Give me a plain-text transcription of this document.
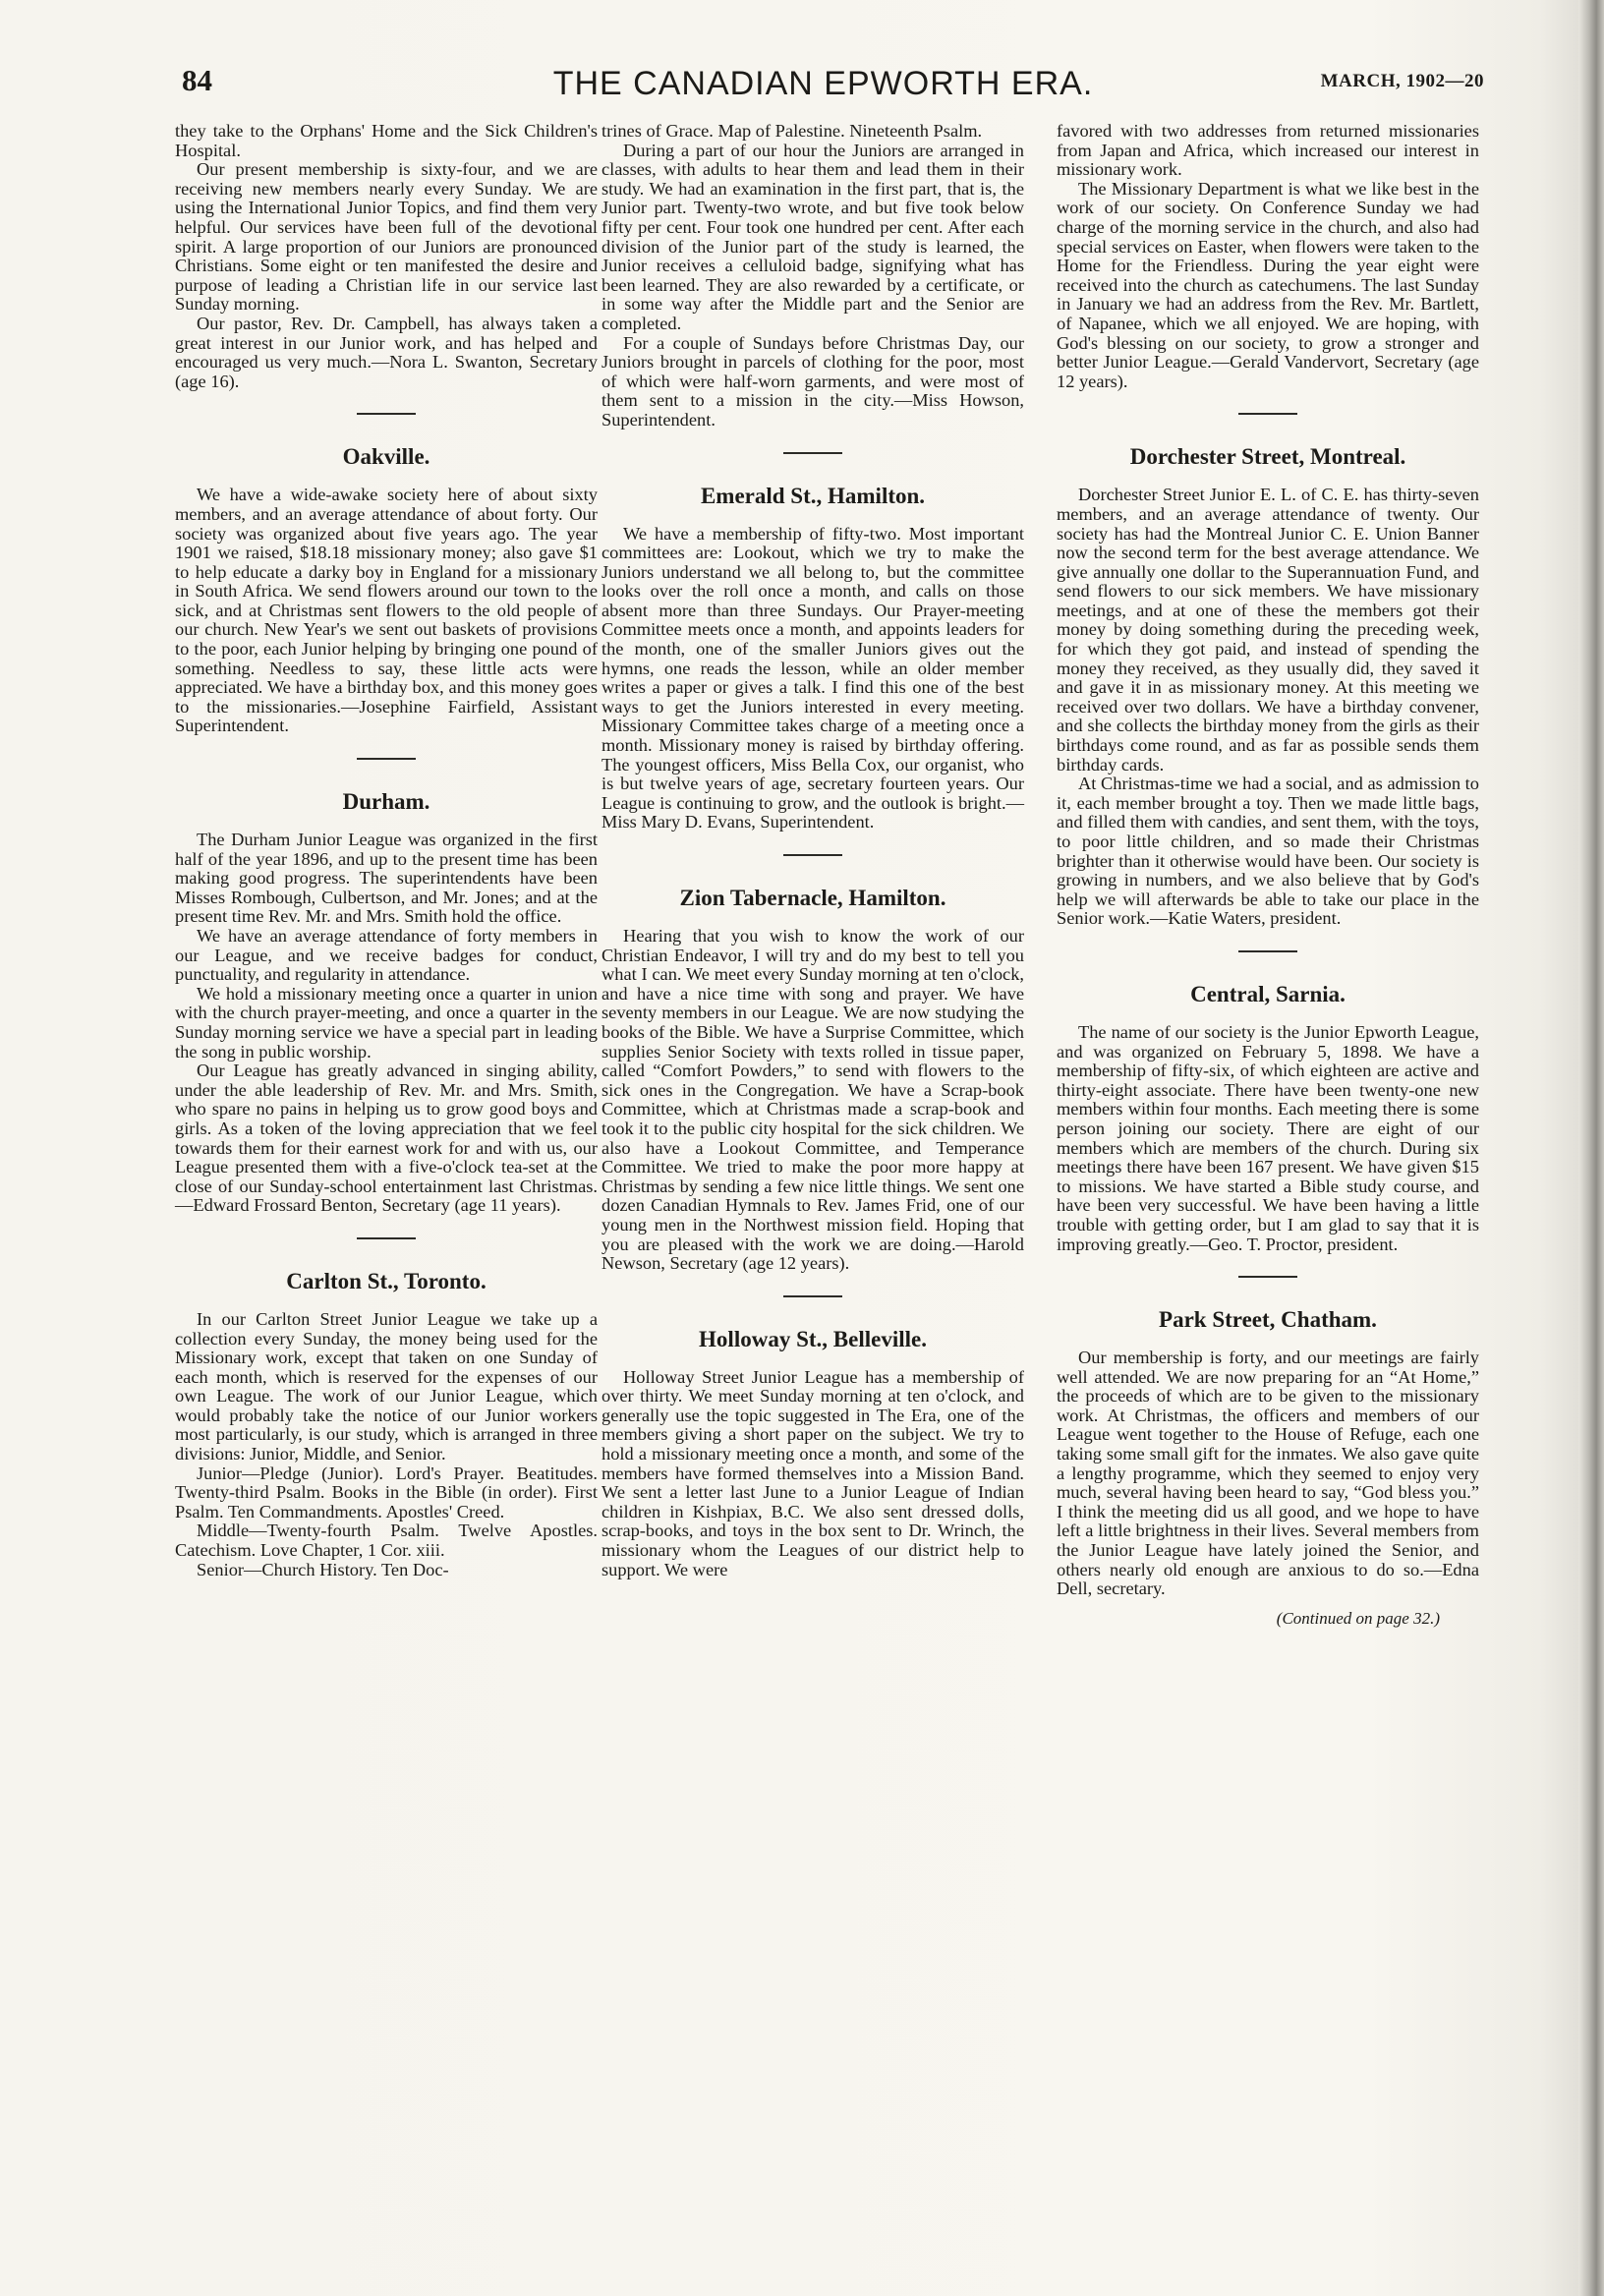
84	THE CANADIAN EPWORTH ERA.	MARCH, 1902—20

they take to the Orphans' Home and the Sick Children's Hospital.

Our present membership is sixty-four, and we are receiving new members nearly every Sunday. We are using the International Junior Topics, and find them very helpful. Our services have been full of the devotional spirit. A large proportion of our Juniors are pronounced Christians. Some eight or ten manifested the desire and purpose of leading a Christian life in our service last Sunday morning.

Our pastor, Rev. Dr. Campbell, has always taken a great interest in our Junior work, and has helped and encouraged us very much.—Nora L. Swanton, Secretary (age 16).

Oakville.

We have a wide-awake society here of about sixty members, and an average attendance of about forty. Our society was organized about five years ago. The year 1901 we raised, $18.18 missionary money; also gave $1 to help educate a darky boy in England for a missionary in South Africa. We send flowers around our town to the sick, and at Christmas sent flowers to the old people of our church. New Year's we sent out baskets of provisions to the poor, each Junior helping by bringing one pound of something. Needless to say, these little acts were appreciated. We have a birthday box, and this money goes to the missionaries.—Josephine Fairfield, Assistant Superintendent.

Durham.

The Durham Junior League was organized in the first half of the year 1896, and up to the present time has been making good progress. The superintendents have been Misses Rombough, Culbertson, and Mr. Jones; and at the present time Rev. Mr. and Mrs. Smith hold the office.

We have an average attendance of forty members in our League, and we receive badges for conduct, punctuality, and regularity in attendance.

We hold a missionary meeting once a quarter in union with the church prayer-meeting, and once a quarter in the Sunday morning service we have a special part in leading the song in public worship.

Our League has greatly advanced in singing ability, under the able leadership of Rev. Mr. and Mrs. Smith, who spare no pains in helping us to grow good boys and girls. As a token of the loving appreciation that we feel towards them for their earnest work for and with us, our League presented them with a five-o'clock tea-set at the close of our Sunday-school entertainment last Christmas.—Edward Frossard Benton, Secretary (age 11 years).

Carlton St., Toronto.

In our Carlton Street Junior League we take up a collection every Sunday, the money being used for the Missionary work, except that taken on one Sunday of each month, which is reserved for the expenses of our own League. The work of our Junior League, which would probably take the notice of our Junior workers most particularly, is our study, which is arranged in three divisions: Junior, Middle, and Senior.

Junior—Pledge (Junior). Lord's Prayer. Beatitudes. Twenty-third Psalm. Books in the Bible (in order). First Psalm. Ten Commandments. Apostles' Creed.

Middle—Twenty-fourth Psalm. Twelve Apostles. Catechism. Love Chapter, 1 Cor. xiii.

Senior—Church History. Ten Doc-

trines of Grace. Map of Palestine. Nineteenth Psalm.

During a part of our hour the Juniors are arranged in classes, with adults to hear them and lead them in their study. We had an examination in the first part, that is, the Junior part. Twenty-two wrote, and but five took below fifty per cent. Four took one hundred per cent. After each division of the Junior part of the study is learned, the Junior receives a celluloid badge, signifying what has been learned. They are also rewarded by a certificate, or in some way after the Middle part and the Senior are completed.

For a couple of Sundays before Christmas Day, our Juniors brought in parcels of clothing for the poor, most of which were half-worn garments, and were most of them sent to a mission in the city.—Miss Howson, Superintendent.

Emerald St., Hamilton.

We have a membership of fifty-two. Most important committees are: Lookout, which we try to make the Juniors understand we all belong to, but the committee looks over the roll once a month, and calls on those absent more than three Sundays. Our Prayer-meeting Committee meets once a month, and appoints leaders for the month, one of the smaller Juniors gives out the hymns, one reads the lesson, while an older member writes a paper or gives a talk. I find this one of the best ways to get the Juniors interested in every meeting. Missionary Committee takes charge of a meeting once a month. Missionary money is raised by birthday offering. The youngest officers, Miss Bella Cox, our organist, who is but twelve years of age, secretary fourteen years. Our League is continuing to grow, and the outlook is bright.—Miss Mary D. Evans, Superintendent.

Zion Tabernacle, Hamilton.

Hearing that you wish to know the work of our Christian Endeavor, I will try and do my best to tell you what I can. We meet every Sunday morning at ten o'clock, and have a nice time with song and prayer. We have seventy members in our League. We are now studying the books of the Bible. We have a Surprise Committee, which supplies Senior Society with texts rolled in tissue paper, called “Comfort Powders,” to send with flowers to the sick ones in the Congregation. We have a Scrap-book Committee, which at Christmas made a scrap-book and took it to the public city hospital for the sick children. We also have a Lookout Committee, and Temperance Committee. We tried to make the poor more happy at Christmas by sending a few nice little things. We sent one dozen Canadian Hymnals to Rev. James Frid, one of our young men in the Northwest mission field. Hoping that you are pleased with the work we are doing.—Harold Newson, Secretary (age 12 years).

Holloway St., Belleville.

Holloway Street Junior League has a membership of over thirty. We meet Sunday morning at ten o'clock, and generally use the topic suggested in The Era, one of the members giving a short paper on the subject. We try to hold a missionary meeting once a month, and some of the members have formed themselves into a Mission Band. We sent a letter last June to a Junior League of Indian children in Kishpiax, B.C. We also sent dressed dolls, scrap-books, and toys in the box sent to Dr. Wrinch, the missionary whom the Leagues of our district help to support. We were

favored with two addresses from returned missionaries from Japan and Africa, which increased our interest in missionary work.

The Missionary Department is what we like best in the work of our society. On Conference Sunday we had charge of the morning service in the church, and also had special services on Easter, when flowers were taken to the Home for the Friendless. During the year eight were received into the church as catechumens. The last Sunday in January we had an address from the Rev. Mr. Bartlett, of Napanee, which we all enjoyed. We are hoping, with God's blessing on our society, to grow a stronger and better Junior League.—Gerald Vandervort, Secretary (age 12 years).

Dorchester Street, Montreal.

Dorchester Street Junior E. L. of C. E. has thirty-seven members, and an average attendance of twenty. Our society has had the Montreal Junior C. E. Union Banner now the second term for the best average attendance. We give annually one dollar to the Superannuation Fund, and send flowers to our sick members. We have missionary meetings, and at one of these the members got their money by doing something during the preceding week, for which they got paid, and instead of spending the money they received, as they usually did, they saved it and gave it in as missionary money. At this meeting we received over two dollars. We have a birthday convener, and she collects the birthday money from the girls as their birthdays come round, and as far as possible sends them birthday cards.

At Christmas-time we had a social, and as admission to it, each member brought a toy. Then we made little bags, and filled them with candies, and sent them, with the toys, to poor little children, and so made their Christmas brighter than it otherwise would have been. Our society is growing in numbers, and we also believe that by God's help we will afterwards be able to take our place in the Senior work.—Katie Waters, president.

Central, Sarnia.

The name of our society is the Junior Epworth League, and was organized on February 5, 1898. We have a membership of fifty-six, of which eighteen are active and thirty-eight associate. There have been twenty-one new members within four months. Each meeting there is some person joining our society. There are eight of our members which are members of the church. During six meetings there have been 167 present. We have given $15 to missions. We have started a Bible study course, and have been very successful. We have been having a little trouble with getting order, but I am glad to say that it is improving greatly.—Geo. T. Proctor, president.

Park Street, Chatham.

Our membership is forty, and our meetings are fairly well attended. We are now preparing for an “At Home,” the proceeds of which are to be given to the missionary work. At Christmas, the officers and members of our League went together to the House of Refuge, each one taking some small gift for the inmates. We also gave quite a lengthy programme, which they seemed to enjoy very much, several having been heard to say, “God bless you.” I think the meeting did us all good, and we hope to have left a little brightness in their lives. Several members from the Junior League have lately joined the Senior, and others nearly old enough are anxious to do so.—Edna Dell, secretary.

(Continued on page 32.)
